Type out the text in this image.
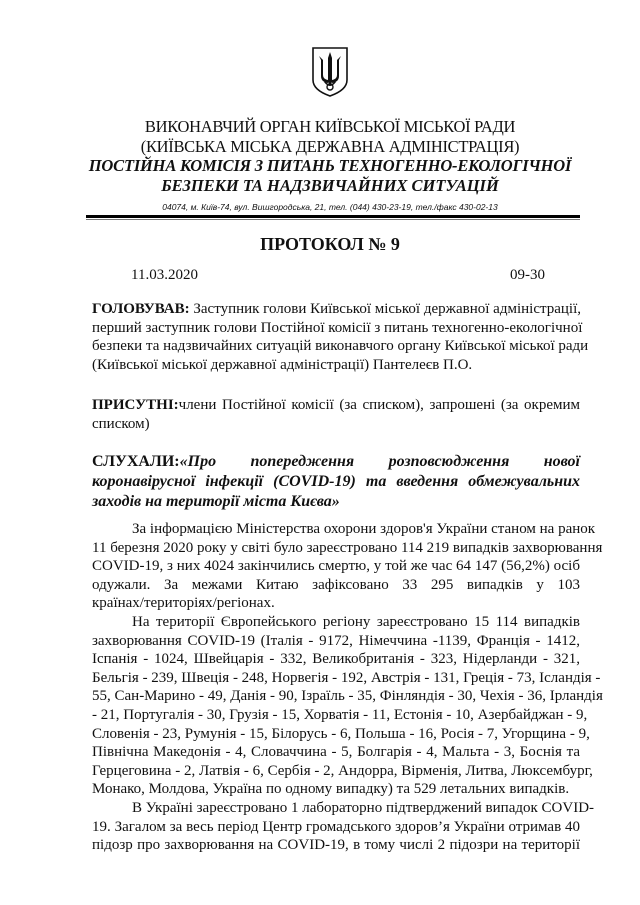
ВИКОНАВЧИЙ ОРГАН КИЇВСЬКОЇ МІСЬКОЇ РАДИ
(КИЇВСЬКА МІСЬКА ДЕРЖАВНА АДМІНІСТРАЦІЯ)
ПОСТІЙНА КОМІСІЯ З ПИТАНЬ ТЕХНОГЕННО-ЕКОЛОГІЧНОЇ
БЕЗПЕКИ ТА НАДЗВИЧАЙНИХ СИТУАЦІЙ
04074, м. Київ-74, вул. Вишгородська, 21, тел. (044) 430-23-19, тел./факс 430-02-13
ПРОТОКОЛ № 9
11.03.2020	09-30
ГОЛОВУВАВ: Заступник голови Київської міської державної адміністрації,
перший заступник голови Постійної комісії з питань техногенно-екологічної
безпеки та надзвичайних ситуацій виконавчого органу Київської міської ради
(Київської міської державної адміністрації) Пантелеєв П.О.
ПРИСУТНІ:члени Постійної комісії (за списком), запрошені (за окремим
списком)
СЛУХАЛИ:«Про попередження розповсюдження нової
коронавірусної інфекції (COVID-19) та введення обмежувальних
заходів на території міста Києва»
За інформацією Міністерства охорони здоров'я України станом на ранок
11 березня 2020 року у світі було зареєстровано 114 219 випадків захворювання
COVID-19, з них 4024 закінчились смертю, у той же час 64 147 (56,2%) осіб
одужали. За межами Китаю зафіксовано 33 295 випадків у 103
країнах/територіях/регіонах.
На території Європейського регіону зареєстровано 15 114 випадків
захворювання COVID-19 (Італія - 9172, Німеччина -1139, Франція - 1412,
Іспанія - 1024, Швейцарія - 332, Великобританія - 323, Нідерланди - 321,
Бельгія - 239, Швеція - 248, Норвегія - 192, Австрія - 131, Греція - 73, Ісландія -
55, Сан-Марино - 49, Данія - 90, Ізраїль - 35, Фінляндія - 30, Чехія - 36, Ірландія
- 21, Португалія - 30, Грузія - 15, Хорватія - 11, Естонія - 10, Азербайджан - 9,
Словенія - 23, Румунія - 15, Білорусь - 6, Польша - 16, Росія - 7, Угорщина - 9,
Північна Македонія - 4, Словаччина - 5, Болгарія - 4, Мальта - 3, Боснія та
Герцеговина - 2, Латвія - 6, Сербія - 2, Андорра, Вірменія, Литва, Люксембург,
Монако, Молдова, Україна по одному випадку) та 529 летальних випадків.
В Україні зареєстровано 1 лабораторно підтверджений випадок COVID-
19. Загалом за весь період Центр громадського здоров’я України отримав 40
підозр про захворювання на COVID-19, в тому числі 2 підозри на території
